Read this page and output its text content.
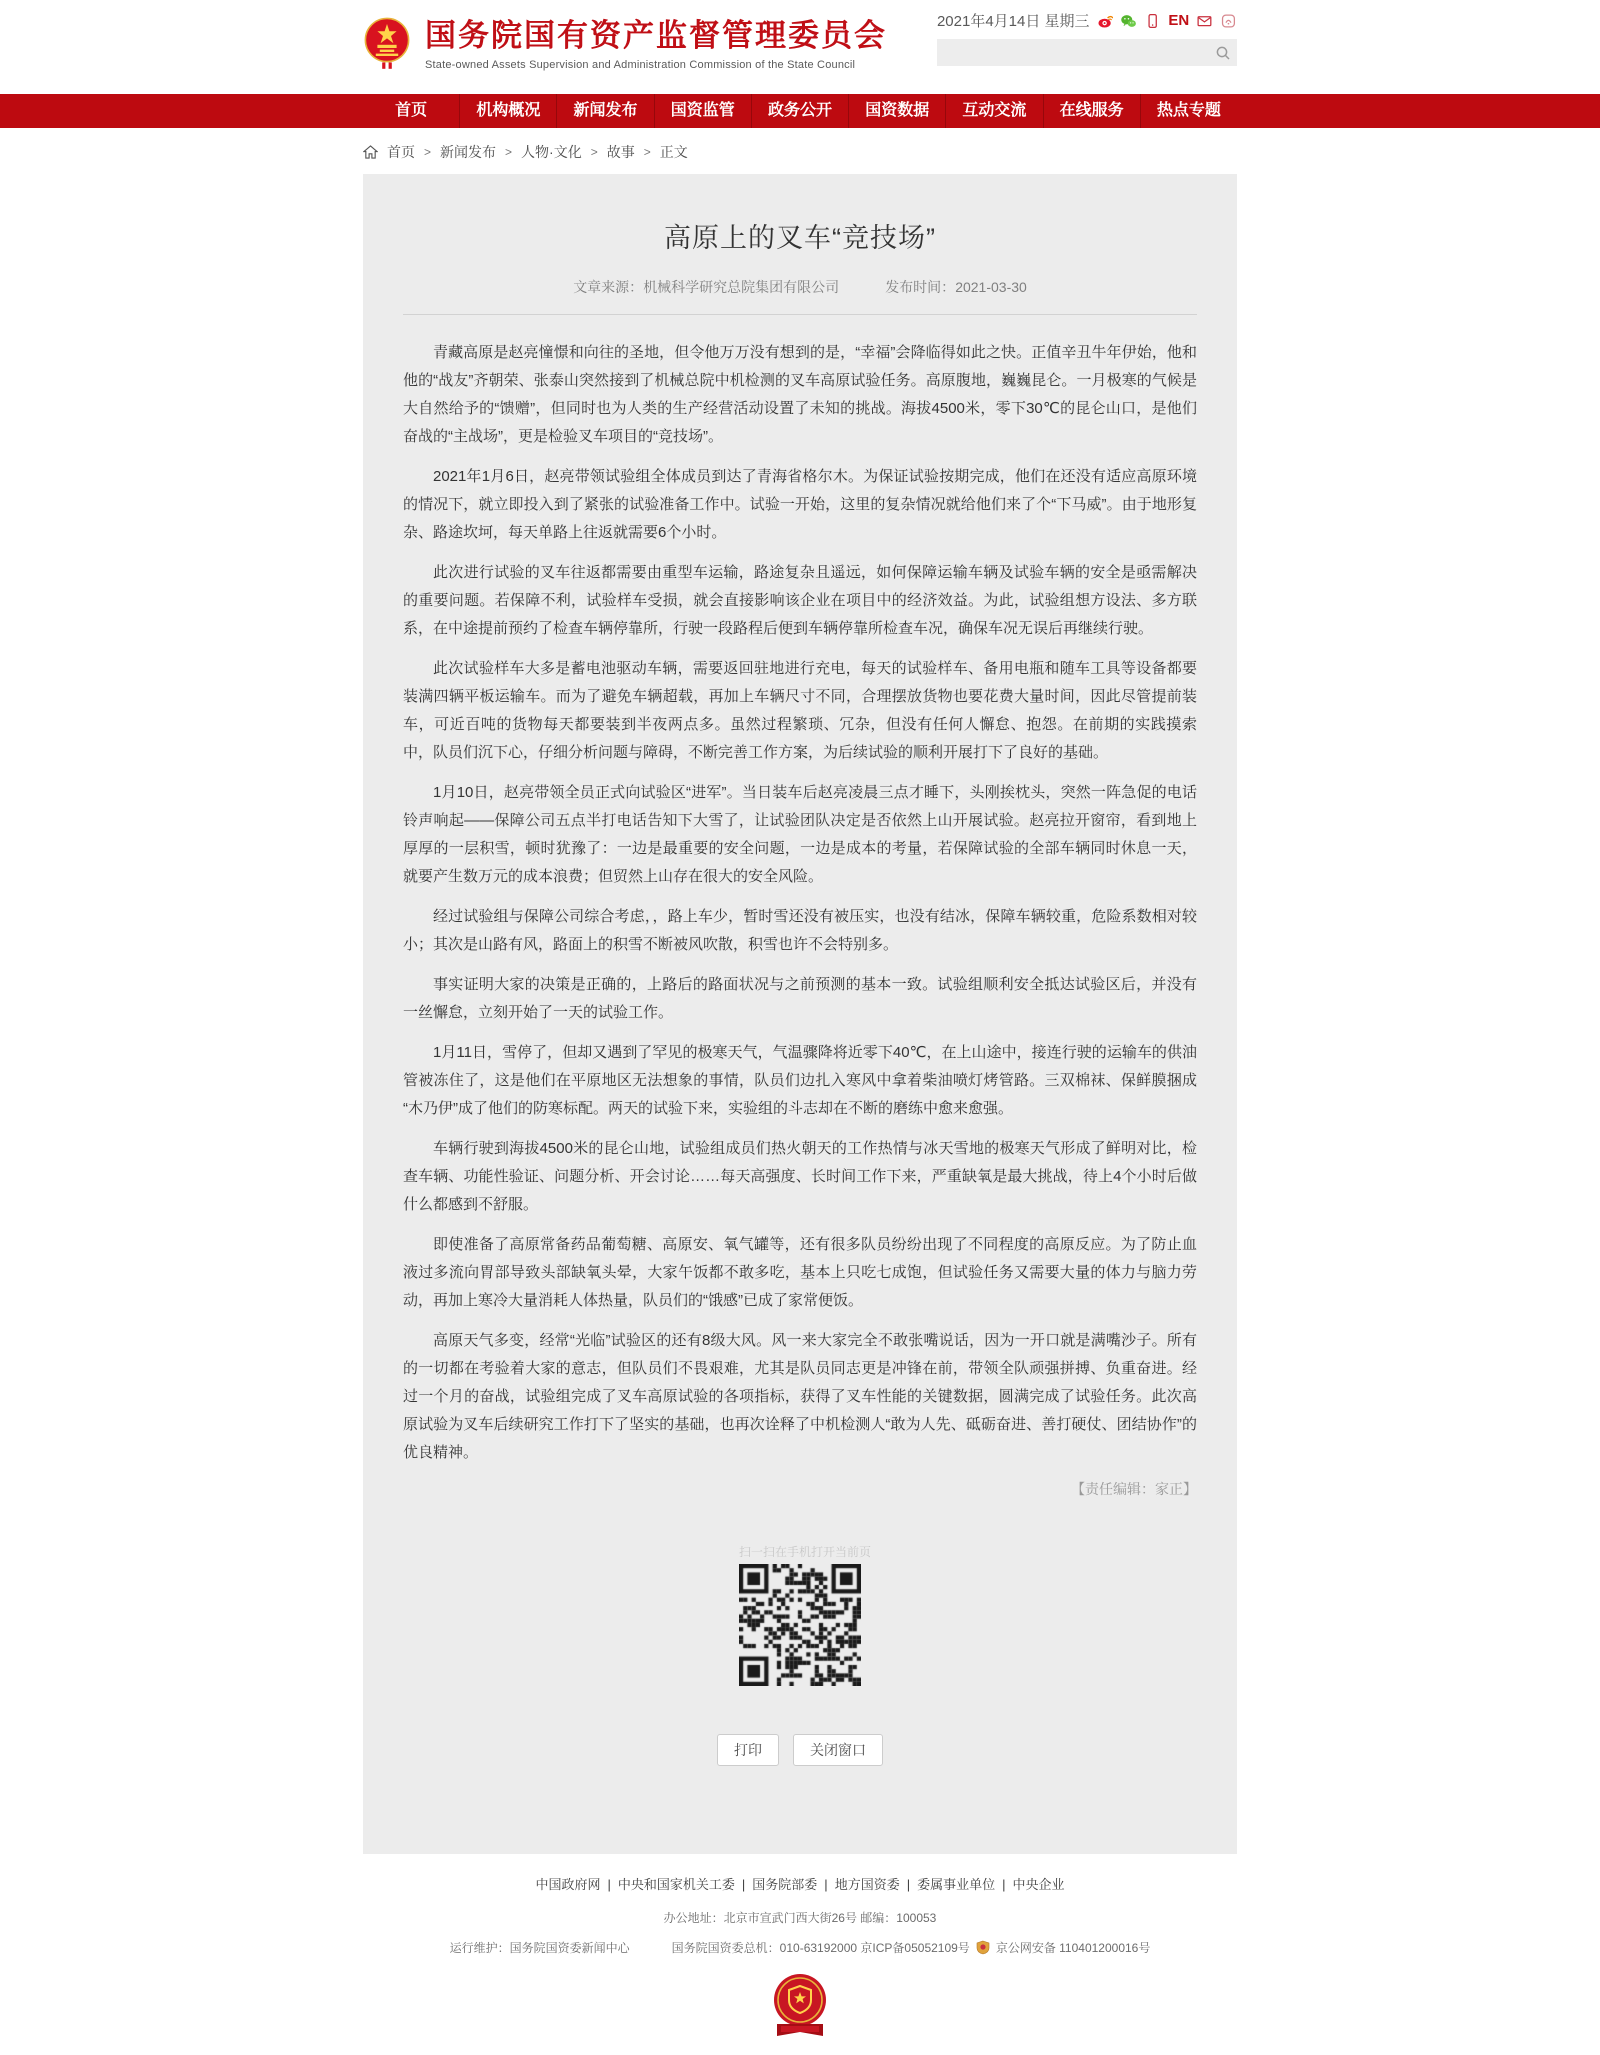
国务院国有资产监督管理委员会
State-owned Assets Supervision and Administration Commission of the State Council
2021年4月14日 星期三	EN
首页	机构概况	新闻发布	国资监管	政务公开	国资数据	互动交流	在线服务	热点专题
首页 > 新闻发布 > 人物·文化 > 故事 > 正文
高原上的叉车“竞技场”
文章来源：机械科学研究总院集团有限公司	发布时间：2021-03-30

青藏高原是赵亮憧憬和向往的圣地，但令他万万没有想到的是，“幸福”会降临得如此之快。正值辛丑牛年伊始，他和他的“战友”齐朝荣、张泰山突然接到了机械总院中机检测的叉车高原试验任务。高原腹地，巍巍昆仑。一月极寒的气候是大自然给予的“馈赠”，但同时也为人类的生产经营活动设置了未知的挑战。海拔4500米，零下30℃的昆仑山口，是他们奋战的“主战场”，更是检验叉车项目的“竞技场”。

2021年1月6日，赵亮带领试验组全体成员到达了青海省格尔木。为保证试验按期完成，他们在还没有适应高原环境的情况下，就立即投入到了紧张的试验准备工作中。试验一开始，这里的复杂情况就给他们来了个“下马威”。由于地形复杂、路途坎坷，每天单路上往返就需要6个小时。

此次进行试验的叉车往返都需要由重型车运输，路途复杂且遥远，如何保障运输车辆及试验车辆的安全是亟需解决的重要问题。若保障不利，试验样车受损，就会直接影响该企业在项目中的经济效益。为此，试验组想方设法、多方联系，在中途提前预约了检查车辆停靠所，行驶一段路程后便到车辆停靠所检查车况，确保车况无误后再继续行驶。

此次试验样车大多是蓄电池驱动车辆，需要返回驻地进行充电，每天的试验样车、备用电瓶和随车工具等设备都要装满四辆平板运输车。而为了避免车辆超载，再加上车辆尺寸不同，合理摆放货物也要花费大量时间，因此尽管提前装车，可近百吨的货物每天都要装到半夜两点多。虽然过程繁琐、冗杂，但没有任何人懈怠、抱怨。在前期的实践摸索中，队员们沉下心，仔细分析问题与障碍，不断完善工作方案，为后续试验的顺利开展打下了良好的基础。

1月10日，赵亮带领全员正式向试验区“进军”。当日装车后赵亮凌晨三点才睡下，头刚挨枕头，突然一阵急促的电话铃声响起——保障公司五点半打电话告知下大雪了，让试验团队决定是否依然上山开展试验。赵亮拉开窗帘，看到地上厚厚的一层积雪，顿时犹豫了：一边是最重要的安全问题，一边是成本的考量，若保障试验的全部车辆同时休息一天，就要产生数万元的成本浪费；但贸然上山存在很大的安全风险。

经过试验组与保障公司综合考虑，，路上车少，暂时雪还没有被压实，也没有结冰，保障车辆较重，危险系数相对较小；其次是山路有风，路面上的积雪不断被风吹散，积雪也许不会特别多。

事实证明大家的决策是正确的，上路后的路面状况与之前预测的基本一致。试验组顺利安全抵达试验区后，并没有一丝懈怠，立刻开始了一天的试验工作。

1月11日，雪停了，但却又遇到了罕见的极寒天气，气温骤降将近零下40℃，在上山途中，接连行驶的运输车的供油管被冻住了，这是他们在平原地区无法想象的事情，队员们边扎入寒风中拿着柴油喷灯烤管路。三双棉袜、保鲜膜捆成“木乃伊”成了他们的防寒标配。两天的试验下来，实验组的斗志却在不断的磨练中愈来愈强。

车辆行驶到海拔4500米的昆仑山地，试验组成员们热火朝天的工作热情与冰天雪地的极寒天气形成了鲜明对比，检查车辆、功能性验证、问题分析、开会讨论……每天高强度、长时间工作下来，严重缺氧是最大挑战，待上4个小时后做什么都感到不舒服。

即使准备了高原常备药品葡萄糖、高原安、氧气罐等，还有很多队员纷纷出现了不同程度的高原反应。为了防止血液过多流向胃部导致头部缺氧头晕，大家午饭都不敢多吃，基本上只吃七成饱，但试验任务又需要大量的体力与脑力劳动，再加上寒冷大量消耗人体热量，队员们的“饿感”已成了家常便饭。

高原天气多变，经常“光临”试验区的还有8级大风。风一来大家完全不敢张嘴说话，因为一开口就是满嘴沙子。所有的一切都在考验着大家的意志，但队员们不畏艰难，尤其是队员同志更是冲锋在前，带领全队顽强拼搏、负重奋进。经过一个月的奋战，试验组完成了叉车高原试验的各项指标，获得了叉车性能的关键数据，圆满完成了试验任务。此次高原试验为叉车后续研究工作打下了坚实的基础，也再次诠释了中机检测人“敢为人先、砥砺奋进、善打硬仗、团结协作”的优良精神。

【责任编辑：家正】
扫一扫在手机打开当前页
打印	关闭窗口
中国政府网 | 中央和国家机关工委 | 国务院部委 | 地方国资委 | 委属事业单位 | 中央企业
办公地址：北京市宣武门西大街26号 邮编：100053
运行维护：国务院国资委新闻中心	国务院国资委总机：010-63192000 京ICP备05052109号 京公网安备 110401200016号
